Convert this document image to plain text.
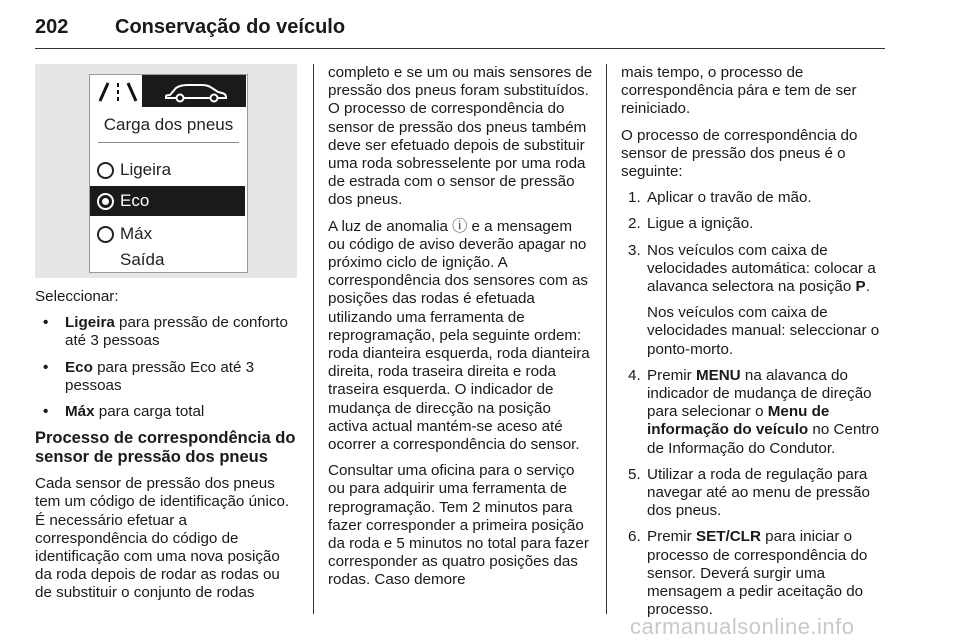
202 Conservação do veículo
Carga dos pneus
Ligeira
Eco
Máx
Saída

Seleccionar:

• Ligeira para pressão de conforto até 3 pessoas
• Eco para pressão Eco até 3 pessoas
• Máx para carga total
Processo de correspondência do sensor de pressão dos pneus

Cada sensor de pressão dos pneus tem um código de identificação único. É necessário efetuar a correspondência do código de identificação com uma nova posição da roda depois de rodar as rodas ou de substituir o conjunto de rodas

completo e se um ou mais sensores de pressão dos pneus foram substituídos. O processo de correspondência do sensor de pressão dos pneus também deve ser efetuado depois de substituir uma roda sobresselente por uma roda de estrada com o sensor de pressão dos pneus.

A luz de anomalia ⓘ e a mensagem ou código de aviso deverão apagar no próximo ciclo de ignição. A correspondência dos sensores com as posições das rodas é efetuada utilizando uma ferramenta de reprogramação, pela seguinte ordem: roda dianteira esquerda, roda dianteira direita, roda traseira direita e roda traseira esquerda. O indicador de mudança de direcção na posição activa actual mantém-se aceso até ocorrer a correspondência do sensor.

Consultar uma oficina para o serviço ou para adquirir uma ferramenta de reprogramação. Tem 2 minutos para fazer corresponder a primeira posição da roda e 5 minutos no total para fazer corresponder as quatro posições das rodas. Caso demore

mais tempo, o processo de correspondência pára e tem de ser reiniciado.

O processo de correspondência do sensor de pressão dos pneus é o seguinte:

1. Aplicar o travão de mão.
2. Ligue a ignição.
3. Nos veículos com caixa de velocidades automática: colocar a alavanca selectora na posição P.
Nos veículos com caixa de velocidades manual: seleccionar o ponto-morto.
4. Premir MENU na alavanca do indicador de mudança de direção para selecionar o Menu de informação do veículo no Centro de Informação do Condutor.
5. Utilizar a roda de regulação para navegar até ao menu de pressão dos pneus.
6. Premir SET/CLR para iniciar o processo de correspondência do sensor. Deverá surgir uma mensagem a pedir aceitação do processo.
carmanualsonline.info
